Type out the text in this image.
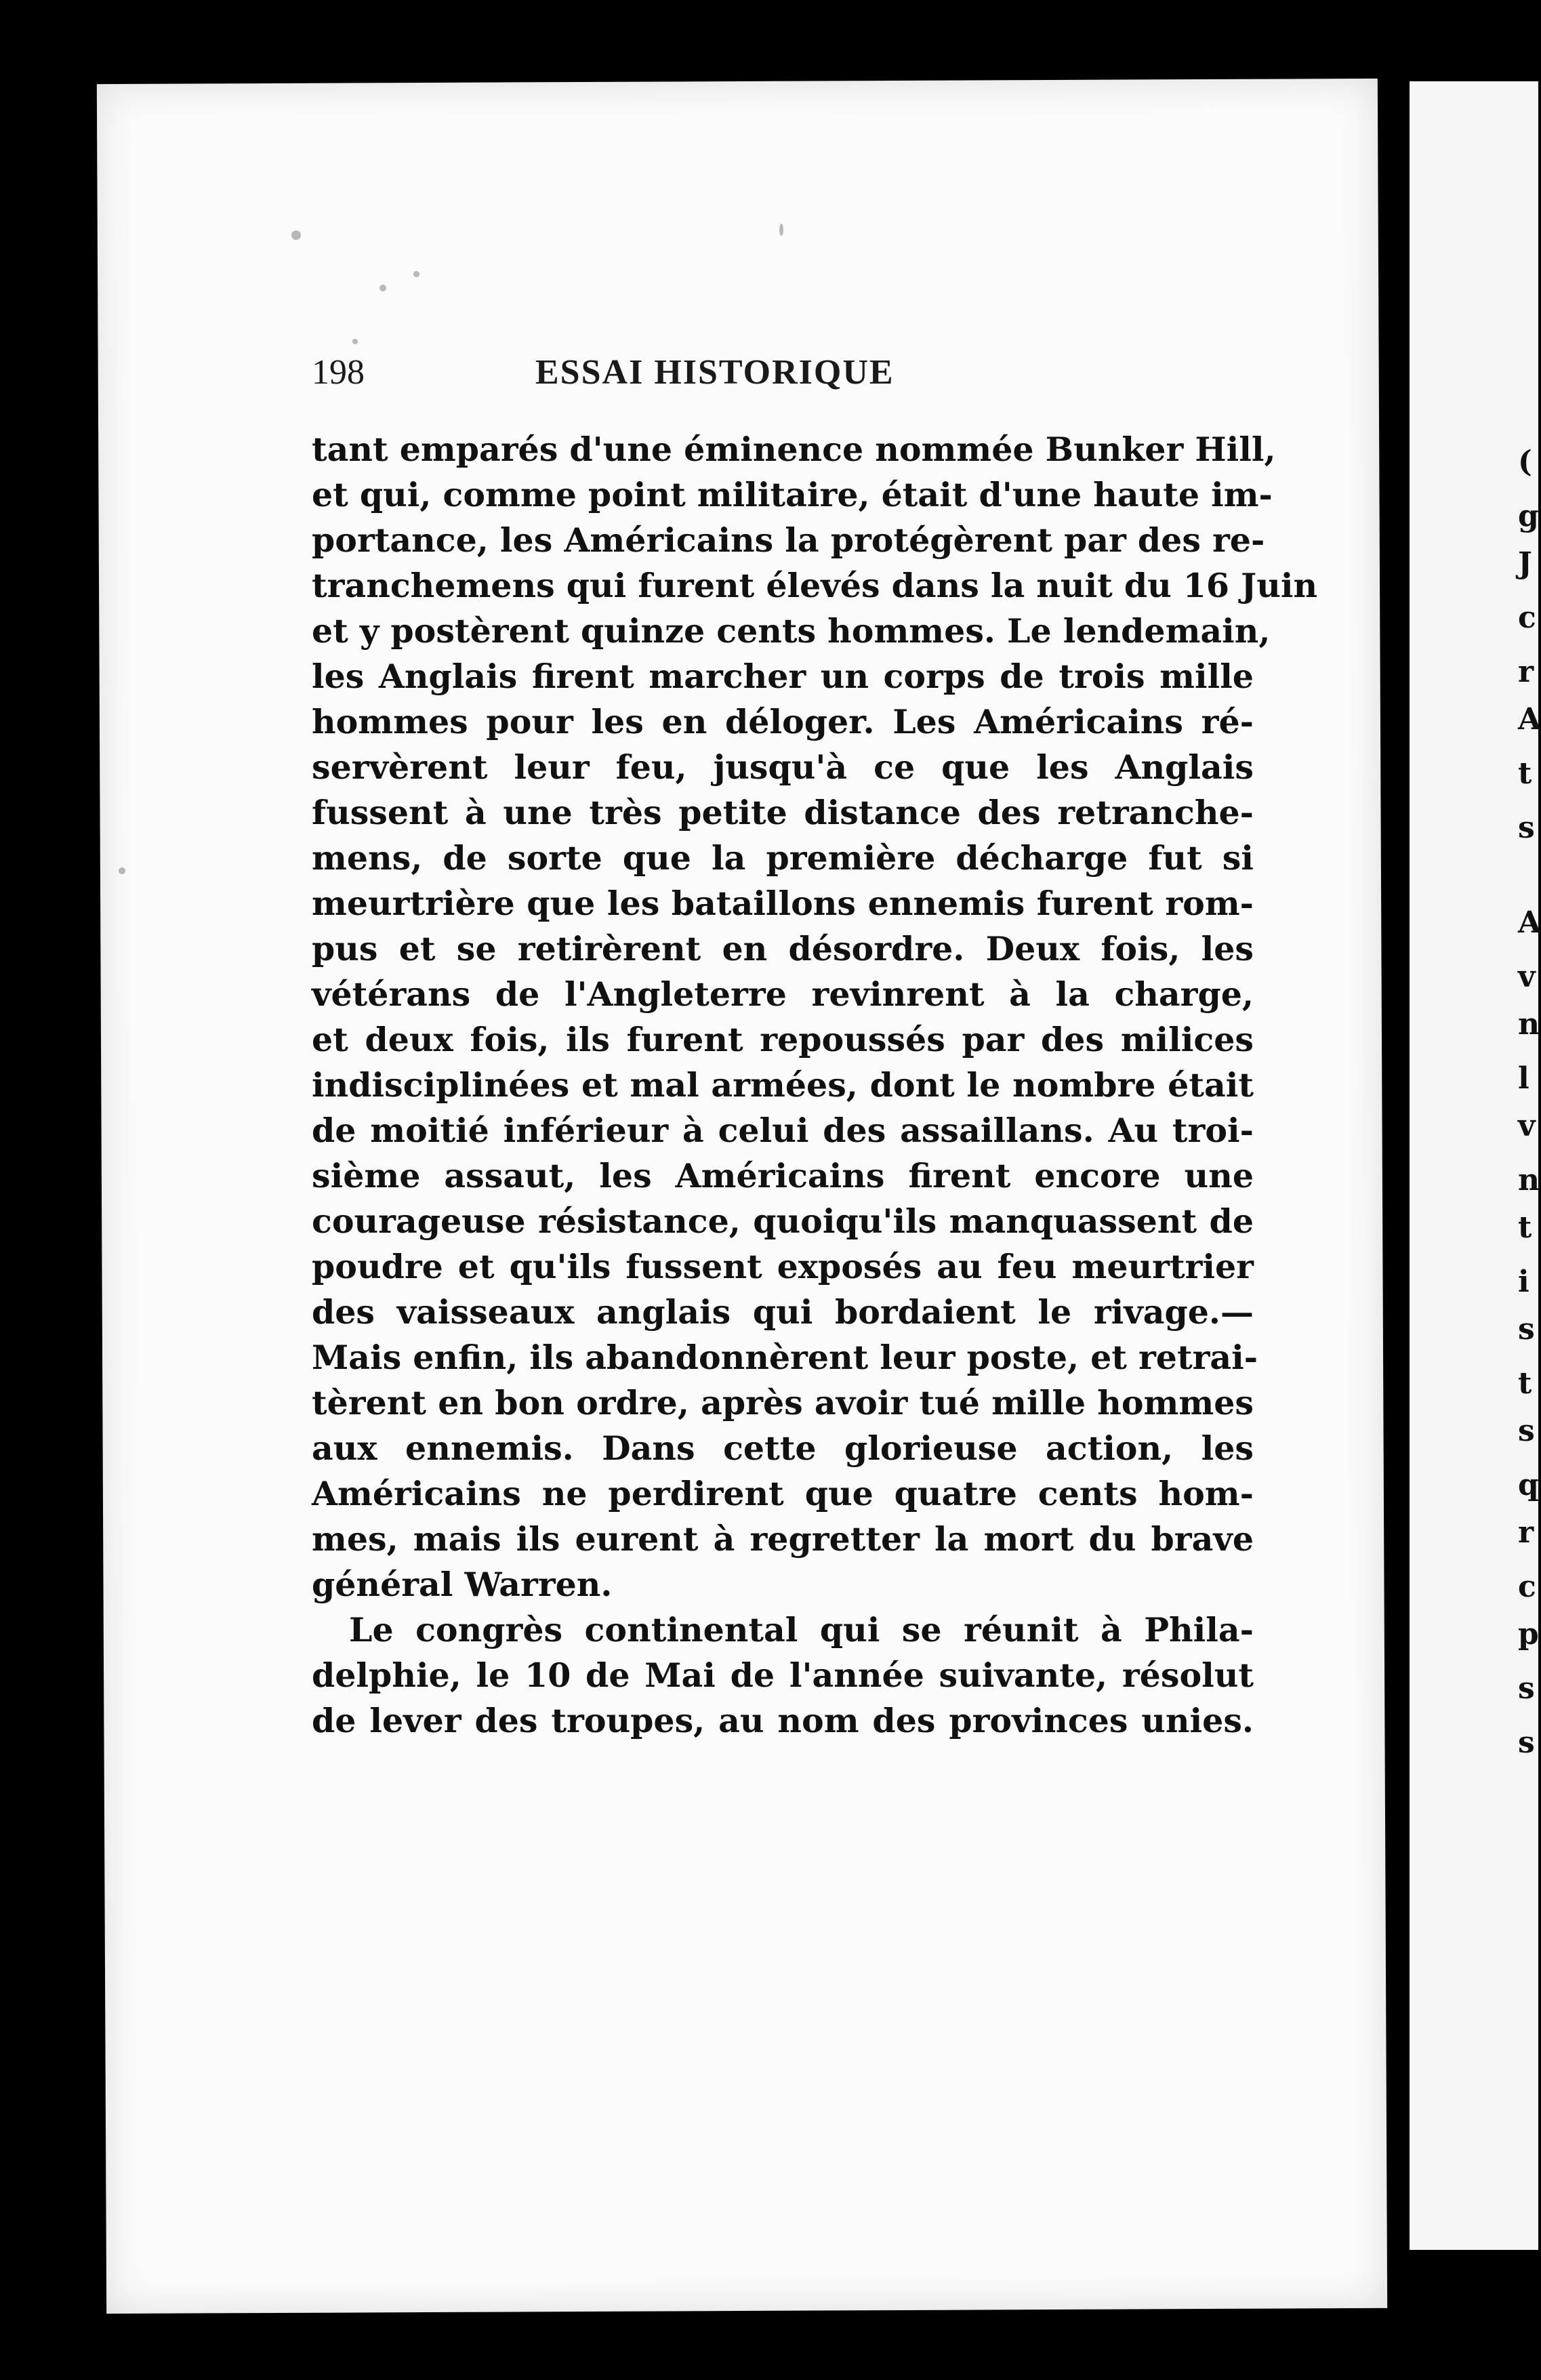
(
g
J
c
r
A
t
s
A
v
n
l
v
n
t
i
s
t
s
q
r
c
p
s
s
198	ESSAI HISTORIQUE
tant emparés d'une éminence nommée Bunker Hill,
et qui, comme point militaire, était d'une haute im-
portance, les Américains la protégèrent par des re-
tranchemens qui furent élevés dans la nuit du 16 Juin
et y postèrent quinze cents hommes. Le lendemain,
les Anglais firent marcher un corps de trois mille
hommes pour les en déloger. Les Américains ré-
servèrent leur feu, jusqu'à ce que les Anglais
fussent à une très petite distance des retranche-
mens, de sorte que la première décharge fut si
meurtrière que les bataillons ennemis furent rom-
pus et se retirèrent en désordre. Deux fois, les
vétérans de l'Angleterre revinrent à la charge,
et deux fois, ils furent repoussés par des milices
indisciplinées et mal armées, dont le nombre était
de moitié inférieur à celui des assaillans. Au troi-
sième assaut, les Américains firent encore une
courageuse résistance, quoiqu'ils manquassent de
poudre et qu'ils fussent exposés au feu meurtrier
des vaisseaux anglais qui bordaient le rivage.—
Mais enfin, ils abandonnèrent leur poste, et retrai-
tèrent en bon ordre, après avoir tué mille hommes
aux ennemis. Dans cette glorieuse action, les
Américains ne perdirent que quatre cents hom-
mes, mais ils eurent à regretter la mort du brave
général Warren.
Le congrès continental qui se réunit à Phila-
delphie, le 10 de Mai de l'année suivante, résolut
de lever des troupes, au nom des provinces unies.
